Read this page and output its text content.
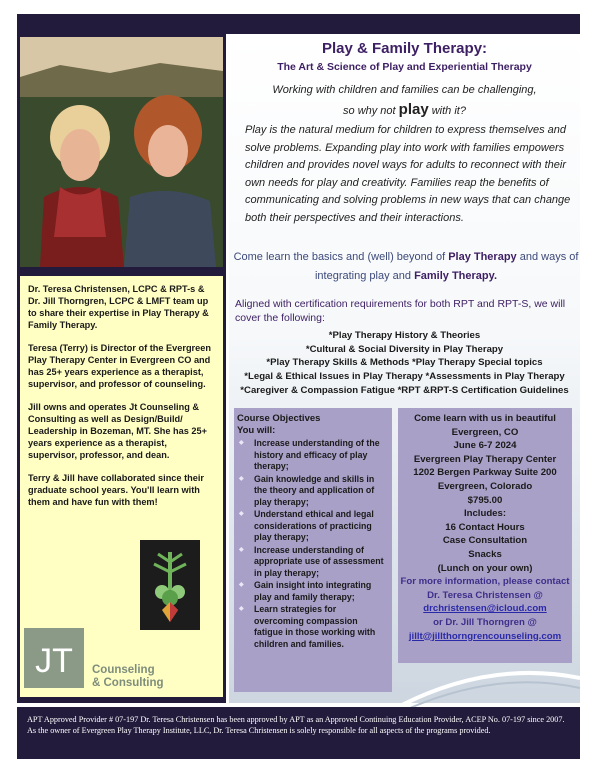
Dr. Teresa Christensen, LCPC & RPT-s & Dr. Jill Thorngren, LCPC & LMFT team up to share their expertise in Play Therapy & Family Therapy.

Teresa (Terry) is Director of the Evergreen Play Therapy Center in Evergreen CO and has 25+ years experience as a therapist, supervisor, and professor of counseling.

Jill owns and operates Jt Counseling & Consulting as well as Design/Build/ Leadership in Bozeman, MT. She has 25+ years experience as a therapist, supervisor, professor, and dean.

Terry & Jill have collaborated since their graduate school years. You'll learn with them and have fun with them!

JT Counseling
& Consulting
Play & Family Therapy:
The Art & Science of Play and Experiential Therapy
Working with children and families can be challenging,
so why not play with it?
Play is the natural medium for children to express themselves and solve problems. Expanding play into work with families empowers children and provides novel ways for adults to reconnect with their own needs for play and creativity. Families reap the benefits of communicating and solving problems in new ways that can change both their perspectives and their interactions.
Come learn the basics and (well) beyond of Play Therapy and ways of integrating play and Family Therapy.
Aligned with certification requirements for both RPT and RPT-S, we will cover the following:
*Play Therapy History & Theories
*Cultural & Social Diversity in Play Therapy
*Play Therapy Skills & Methods *Play Therapy Special topics
*Legal & Ethical Issues in Play Therapy *Assessments in Play Therapy
*Caregiver & Compassion Fatigue *RPT &RPT-S Certification Guidelines
Course Objectives
You will:
◆ Increase understanding of the history and efficacy of play therapy;
◆ Gain knowledge and skills in the theory and application of play therapy;
◆ Understand ethical and legal considerations of practicing play therapy;
◆ Increase understanding of appropriate use of assessment in play therapy;
◆ Gain insight into integrating play and family therapy;
◆ Learn strategies for overcoming compassion fatigue in those working with children and families.
Come learn with us in beautiful
Evergreen, CO
June 6-7 2024
Evergreen Play Therapy Center
1202 Bergen Parkway Suite 200
Evergreen, Colorado
$795.00
Includes:
16 Contact Hours
Case Consultation
Snacks
(Lunch on your own)
For more information, please contact Dr. Teresa Christensen @
drchristensen@icloud.com
or Dr. Jill Thorngren @
jillt@jillthorngrencounseling.com

APT Approved Provider # 07-197 Dr. Teresa Christensen has been approved by APT as an Approved Continuing Education Provider, ACEP No. 07-197 since 2007. As the owner of Evergreen Play Therapy Institute, LLC, Dr. Teresa Christensen is solely responsible for all aspects of the programs provided.
